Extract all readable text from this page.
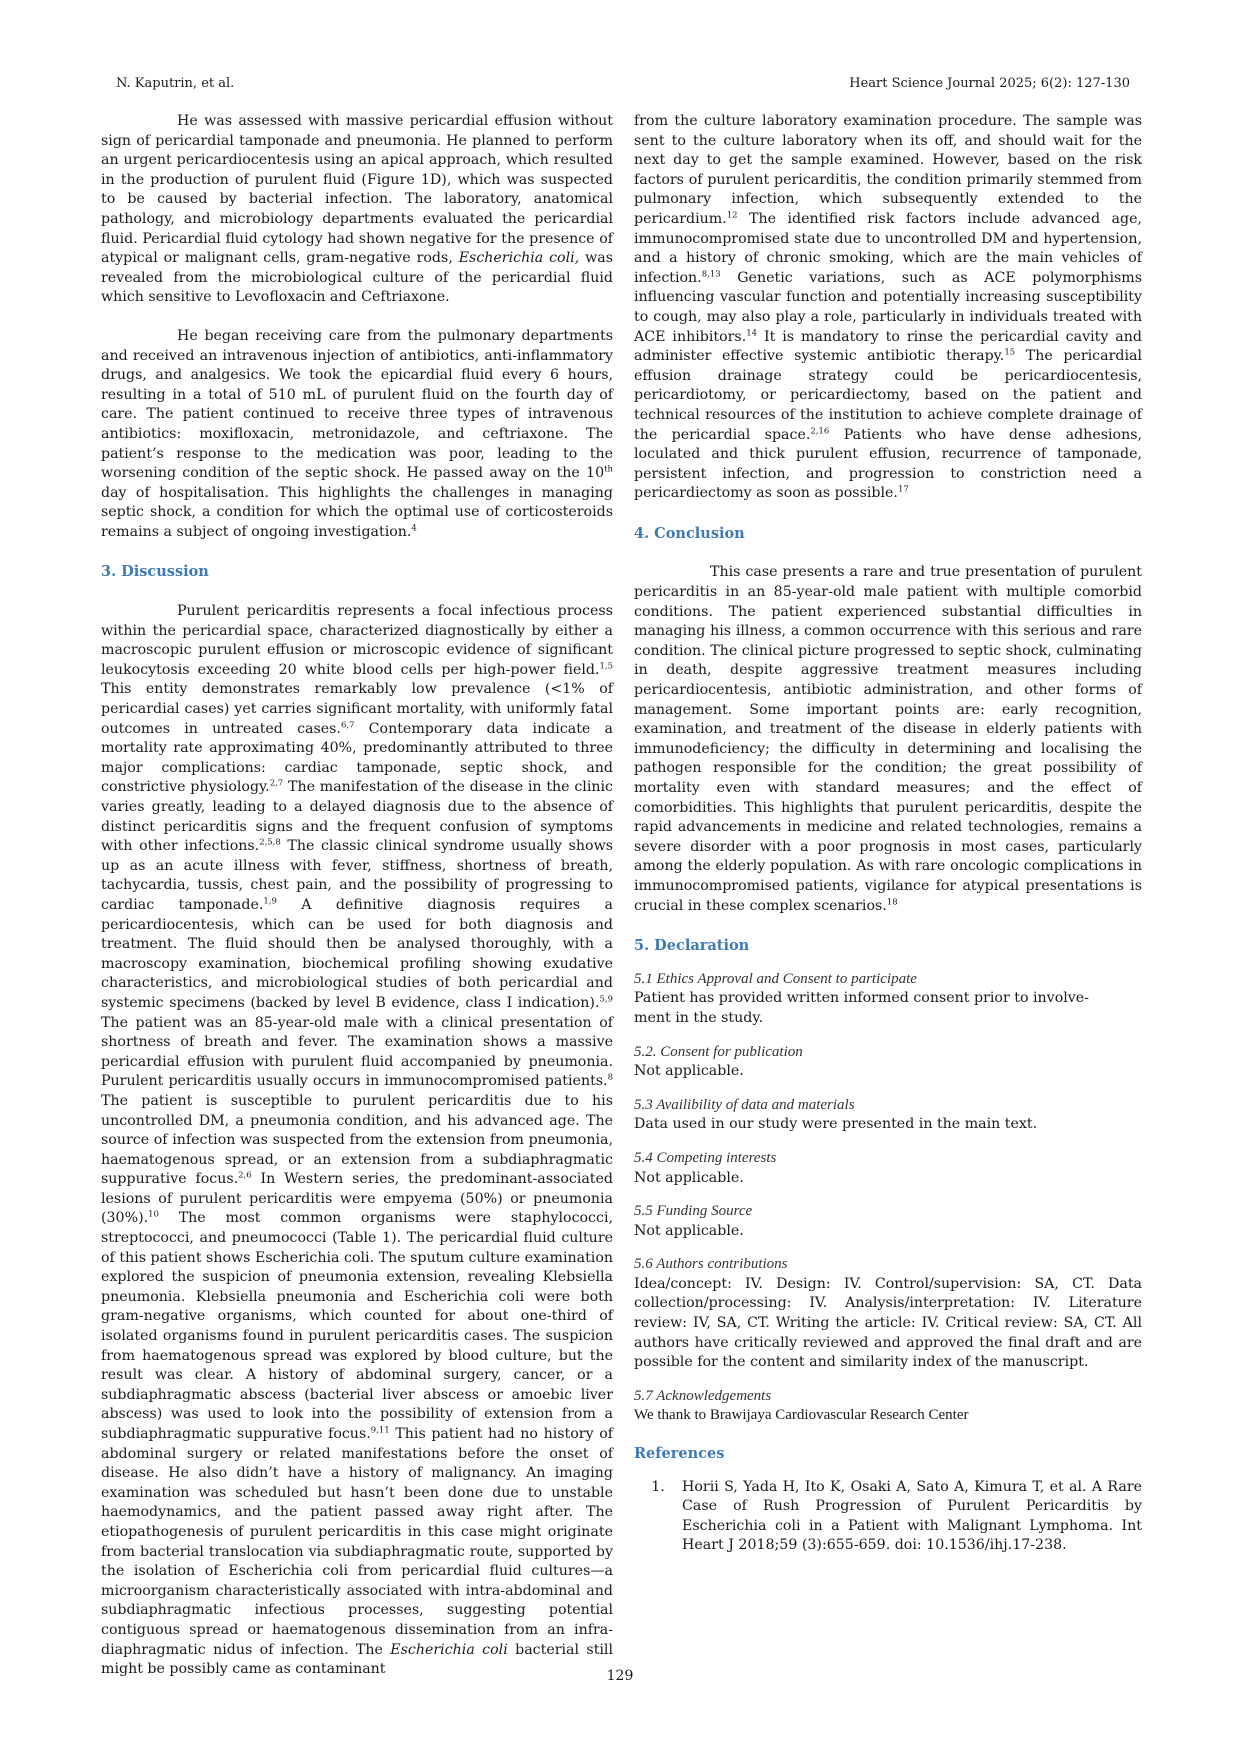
N. Kaputrin, et al.	Heart Science Journal 2025; 6(2): 127-130

He was assessed with massive pericardial effusion without sign of pericardial tamponade and pneumonia. He planned to perform an urgent pericardiocentesis using an apical approach, which resulted in the production of purulent fluid (Figure 1D), which was suspected to be caused by bacterial infection. The laboratory, anatomical pathology, and microbiology departments evaluated the pericardial fluid. Pericardial fluid cytology had shown negative for the presence of atypical or malignant cells, gram-negative rods, Escherichia coli, was revealed from the microbiological culture of the pericardial fluid which sensitive to Levofloxacin and Ceftriaxone.

He began receiving care from the pulmonary departments and received an intravenous injection of antibiotics, anti-inflammatory drugs, and analgesics. We took the epicardial fluid every 6 hours, resulting in a total of 510 mL of purulent fluid on the fourth day of care. The patient continued to receive three types of intravenous antibiotics: moxifloxacin, metronidazole, and ceftriaxone. The patient’s response to the medication was poor, leading to the worsening condition of the septic shock. He passed away on the 10th day of hospitalisation. This highlights the challenges in managing septic shock, a condition for which the optimal use of corticosteroids remains a subject of ongoing investigation.$^4$

3. Discussion

Purulent pericarditis represents a focal infectious process within the pericardial space, characterized diagnostically by either a macroscopic purulent effusion or microscopic evidence of significant leukocytosis exceeding 20 white blood cells per high-power field.$^{1,5}$ This entity demonstrates remarkably low prevalence (<1% of pericardial cases) yet carries significant mortality, with uniformly fatal outcomes in untreated cases.$^{6,7}$ Contemporary data indicate a mortality rate approximating 40%, predominantly attributed to three major complications: cardiac tamponade, septic shock, and constrictive physiology.$^{2,7}$ The manifestation of the disease in the clinic varies greatly, leading to a delayed diagnosis due to the absence of distinct pericarditis signs and the frequent confusion of symptoms with other infections.$^{2,5,8}$ The classic clinical syndrome usually shows up as an acute illness with fever, stiffness, shortness of breath, tachycardia, tussis, chest pain, and the possibility of progressing to cardiac tamponade.$^{1,9}$ A definitive diagnosis requires a pericardiocentesis, which can be used for both diagnosis and treatment. The fluid should then be analysed thoroughly, with a macroscopy examination, biochemical profiling showing exudative characteristics, and microbiological studies of both pericardial and systemic specimens (backed by level B evidence, class I indication).$^{5,9}$ The patient was an 85-year-old male with a clinical presentation of shortness of breath and fever. The examination shows a massive pericardial effusion with purulent fluid accompanied by pneumonia. Purulent pericarditis usually occurs in immunocompromised patients.$^8$ The patient is susceptible to purulent pericarditis due to his uncontrolled DM, a pneumonia condition, and his advanced age. The source of infection was suspected from the extension from pneumonia, haematogenous spread, or an extension from a subdiaphragmatic suppurative focus.$^{2,6}$ In Western series, the predominant-associated lesions of purulent pericarditis were empyema (50%) or pneumonia (30%).$^{10}$ The most common organisms were staphylococci, streptococci, and pneumococci (Table 1). The pericardial fluid culture of this patient shows Escherichia coli. The sputum culture examination explored the suspicion of pneumonia extension, revealing Klebsiella pneumonia. Klebsiella pneumonia and Escherichia coli were both gram-negative organisms, which counted for about one-third of isolated organisms found in purulent pericarditis cases. The suspicion from haematogenous spread was explored by blood culture, but the result was clear. A history of abdominal surgery, cancer, or a subdiaphragmatic abscess (bacterial liver abscess or amoebic liver abscess) was used to look into the possibility of extension from a subdiaphragmatic suppurative focus.$^{9,11}$ This patient had no history of abdominal surgery or related manifestations before the onset of disease. He also didn’t have a history of malignancy. An imaging examination was scheduled but hasn’t been done due to unstable haemodynamics, and the patient passed away right after. The etiopathogenesis of purulent pericarditis in this case might originate from bacterial translocation via subdiaphragmatic route, supported by the isolation of Escherichia coli from pericardial fluid cultures—a microorganism characteristically associated with intra-abdominal and subdiaphragmatic infectious processes, suggesting potential contiguous spread or haematogenous dissemination from an infra-diaphragmatic nidus of infection. The Escherichia coli bacterial still might be possibly came as contaminant

from the culture laboratory examination procedure. The sample was sent to the culture laboratory when its off, and should wait for the next day to get the sample examined. However, based on the risk factors of purulent pericarditis, the condition primarily stemmed from pulmonary infection, which subsequently extended to the pericardium.$^{12}$ The identified risk factors include advanced age, immunocompromised state due to uncontrolled DM and hypertension, and a history of chronic smoking, which are the main vehicles of infection.$^{8,13}$ Genetic variations, such as ACE polymorphisms influencing vascular function and potentially increasing susceptibility to cough, may also play a role, particularly in individuals treated with ACE inhibitors.$^{14}$ It is mandatory to rinse the pericardial cavity and administer effective systemic antibiotic therapy.$^{15}$ The pericardial effusion drainage strategy could be pericardiocentesis, pericardiotomy, or pericardiectomy, based on the patient and technical resources of the institution to achieve complete drainage of the pericardial space.$^{2,16}$ Patients who have dense adhesions, loculated and thick purulent effusion, recurrence of tamponade, persistent infection, and progression to constriction need a pericardiectomy as soon as possible.$^{17}$

4. Conclusion

This case presents a rare and true presentation of purulent pericarditis in an 85-year-old male patient with multiple comorbid conditions. The patient experienced substantial difficulties in managing his illness, a common occurrence with this serious and rare condition. The clinical picture progressed to septic shock, culminating in death, despite aggressive treatment measures including pericardiocentesis, antibiotic administration, and other forms of management. Some important points are: early recognition, examination, and treatment of the disease in elderly patients with immunodeficiency; the difficulty in determining and localising the pathogen responsible for the condition; the great possibility of mortality even with standard measures; and the effect of comorbidities. This highlights that purulent pericarditis, despite the rapid advancements in medicine and related technologies, remains a severe disorder with a poor prognosis in most cases, particularly among the elderly population. As with rare oncologic complications in immunocompromised patients, vigilance for atypical presentations is crucial in these complex scenarios.$^{18}$

5. Declaration
5.1 Ethics Approval and Consent to participate

Patient has provided written informed consent prior to involve-
ment in the study.

5.2. Consent for publication

Not applicable.

5.3 Availibility of data and materials

Data used in our study were presented in the main text.

5.4 Competing interests

Not applicable.

5.5 Funding Source

Not applicable.

5.6 Authors contributions

Idea/concept: IV. Design: IV. Control/supervision: SA, CT. Data collection/processing: IV. Analysis/interpretation: IV. Literature review: IV, SA, CT. Writing the article: IV. Critical review: SA, CT. All authors have critically reviewed and approved the final draft and are possible for the content and similarity index of the manuscript.

5.7 Acknowledgements

We thank to Brawijaya Cardiovascular Research Center

References
1.	Horii S, Yada H, Ito K, Osaki A, Sato A, Kimura T, et al. A Rare Case of Rush Progression of Purulent Pericarditis by Escherichia coli in a Patient with Malignant Lymphoma. Int Heart J 2018;59 (3):655-659. doi: 10.1536/ihj.17-238.
129
